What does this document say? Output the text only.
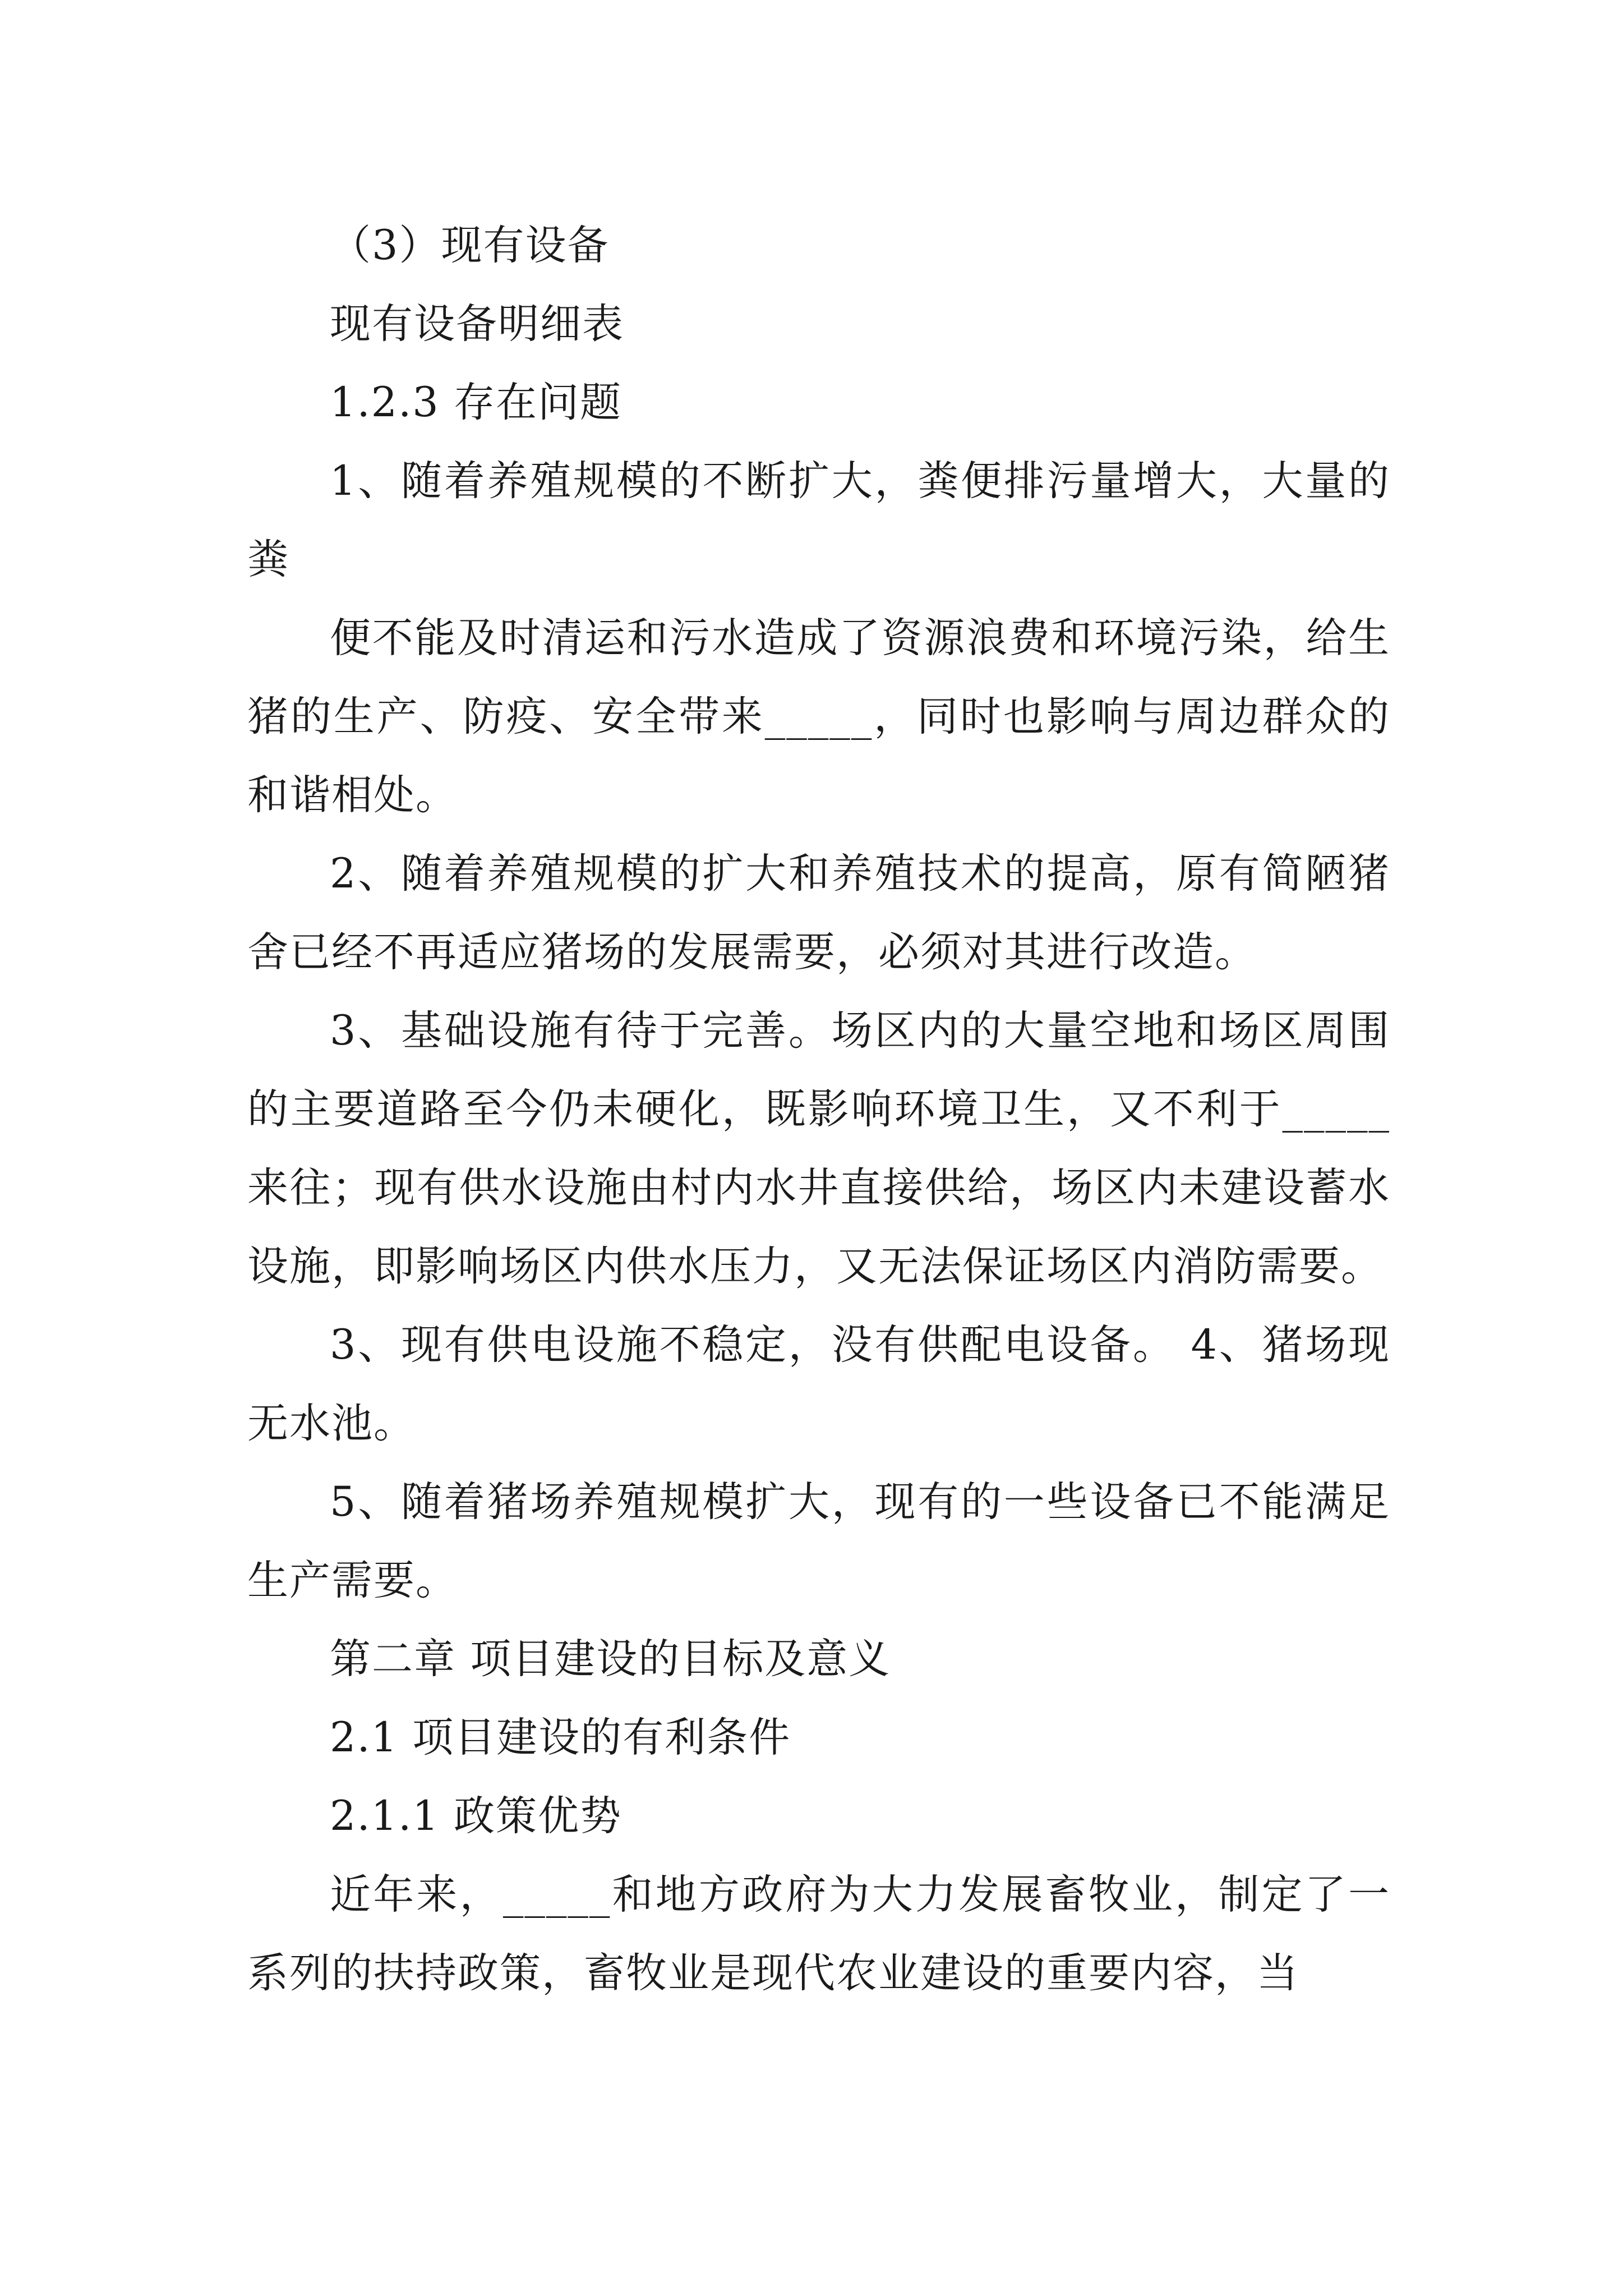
（3）现有设备

现有设备明细表

1.2.3 存在问题

1、随着养殖规模的不断扩大，粪便排污量增大，大量的粪

便不能及时清运和污水造成了资源浪费和环境污染，给生猪的生产、防疫、安全带来_____，同时也影响与周边群众的和谐相处。

2、随着养殖规模的扩大和养殖技术的提高，原有简陋猪舍已经不再适应猪场的发展需要，必须对其进行改造。

3、基础设施有待于完善。场区内的大量空地和场区周围的主要道路至今仍未硬化，既影响环境卫生，又不利于_____来往；现有供水设施由村内水井直接供给，场区内未建设蓄水设施，即影响场区内供水压力，又无法保证场区内消防需要。

3、现有供电设施不稳定，没有供配电设备。 4、猪场现无水池。

5、随着猪场养殖规模扩大，现有的一些设备已不能满足生产需要。

第二章 项目建设的目标及意义

2.1 项目建设的有利条件

2.1.1 政策优势

近年来，_____和地方政府为大力发展畜牧业，制定了一系列的扶持政策，畜牧业是现代农业建设的重要内容，当
